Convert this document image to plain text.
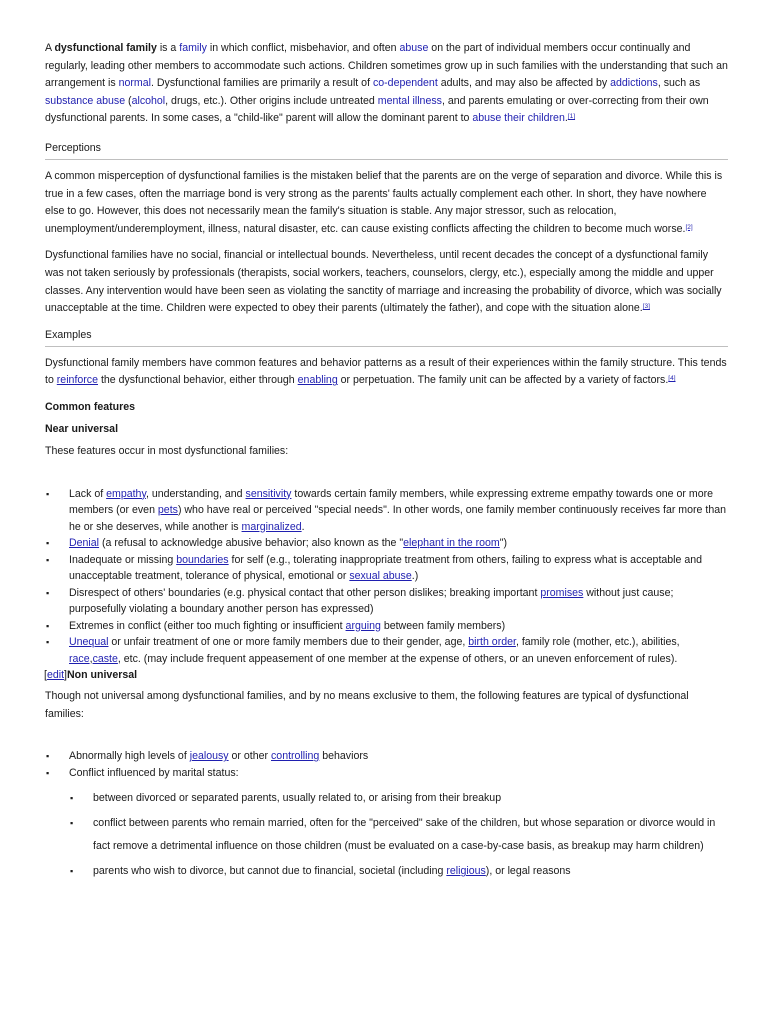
A dysfunctional family is a family in which conflict, misbehavior, and often abuse on the part of individual members occur continually and regularly, leading other members to accommodate such actions. Children sometimes grow up in such families with the understanding that such an arrangement is normal. Dysfunctional families are primarily a result of co-dependent adults, and may also be affected by addictions, such as substance abuse (alcohol, drugs, etc.). Other origins include untreated mental illness, and parents emulating or over-correcting from their own dysfunctional parents. In some cases, a "child-like" parent will allow the dominant parent to abuse their children.[1]

Perceptions

A common misperception of dysfunctional families is the mistaken belief that the parents are on the verge of separation and divorce. While this is true in a few cases, often the marriage bond is very strong as the parents' faults actually complement each other. In short, they have nowhere else to go. However, this does not necessarily mean the family's situation is stable. Any major stressor, such as relocation, unemployment/underemployment, illness, natural disaster, etc. can cause existing conflicts affecting the children to become much worse.[2]

Dysfunctional families have no social, financial or intellectual bounds. Nevertheless, until recent decades the concept of a dysfunctional family was not taken seriously by professionals (therapists, social workers, teachers, counselors, clergy, etc.), especially among the middle and upper classes. Any intervention would have been seen as violating the sanctity of marriage and increasing the probability of divorce, which was socially unacceptable at the time. Children were expected to obey their parents (ultimately the father), and cope with the situation alone.[3]

Examples

Dysfunctional family members have common features and behavior patterns as a result of their experiences within the family structure. This tends to reinforce the dysfunctional behavior, either through enabling or perpetuation. The family unit can be affected by a variety of factors.[4]

Common features

Near universal

These features occur in most dysfunctional families:

▪ Lack of empathy, understanding, and sensitivity towards certain family members, while expressing extreme empathy towards one or more members (or even pets) who have real or perceived "special needs". In other words, one family member continuously receives far more than he or she deserves, while another is marginalized.
▪ Denial (a refusal to acknowledge abusive behavior; also known as the "elephant in the room")
▪ Inadequate or missing boundaries for self (e.g., tolerating inappropriate treatment from others, failing to express what is acceptable and unacceptable treatment, tolerance of physical, emotional or sexual abuse.)
▪ Disrespect of others' boundaries (e.g. physical contact that other person dislikes; breaking important promises without just cause; purposefully violating a boundary another person has expressed)
▪ Extremes in conflict (either too much fighting or insufficient arguing between family members)
▪ Unequal or unfair treatment of one or more family members due to their gender, age, birth order, family role (mother, etc.), abilities, race,caste, etc. (may include frequent appeasement of one member at the expense of others, or an uneven enforcement of rules).

[edit]Non universal

Though not universal among dysfunctional families, and by no means exclusive to them, the following features are typical of dysfunctional families:

▪ Abnormally high levels of jealousy or other controlling behaviors
▪ Conflict influenced by marital status:
▪ between divorced or separated parents, usually related to, or arising from their breakup
▪ conflict between parents who remain married, often for the "perceived" sake of the children, but whose separation or divorce would in fact remove a detrimental influence on those children (must be evaluated on a case-by-case basis, as breakup may harm children)
▪ parents who wish to divorce, but cannot due to financial, societal (including religious), or legal reasons
